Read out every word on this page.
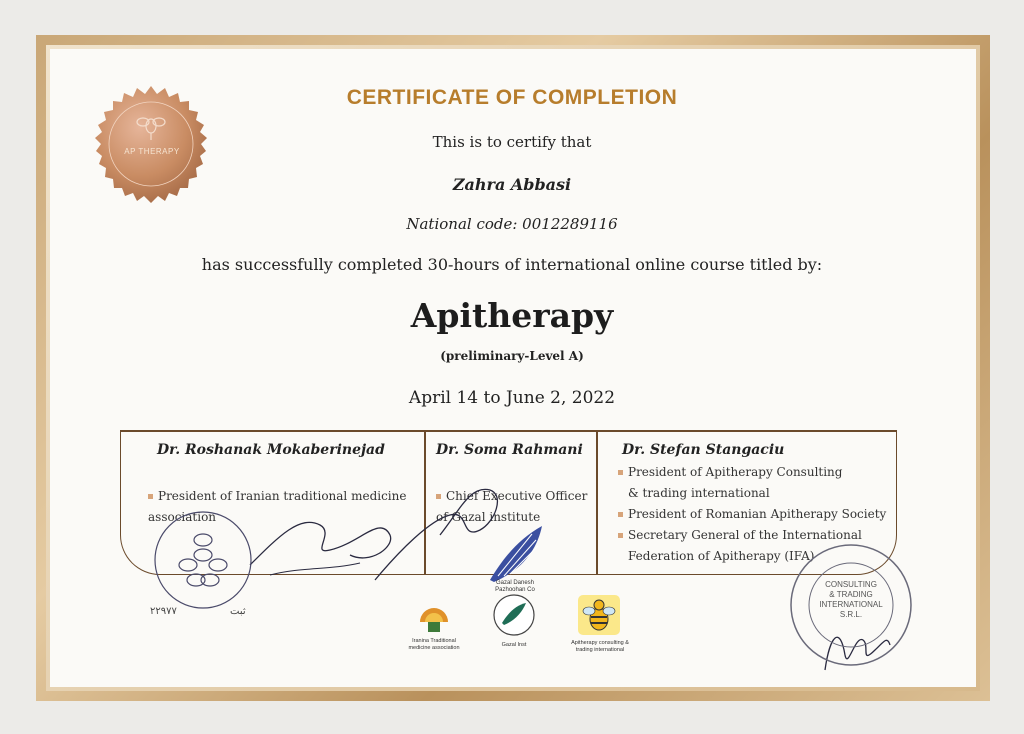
AP THERAPY
CERTIFICATE OF COMPLETION
This is to certify that
Zahra Abbasi
National code: 0012289116
has successfully completed 30-hours of international online course titled by:
Apitherapy
(preliminary-Level A)
April 14 to June 2, 2022
Dr. Roshanak Mokaberinejad
President of Iranian traditional medicine
association
Dr. Soma Rahmani
Chief Executive Officer
of Gazal institute
Dr. Stefan Stangaciu
President of Apitherapy Consulting
& trading international
President of Romanian Apitherapy Society
Secretary General of the International
Federation of Apitherapy (IFA)
۲۲۹۷۷	ثبت
Gazal Danesh
Pazhoohan Co
Iranina Traditional
medicine association	Gazal Inst	Apitherapy consulting &
trading international
CONSULTING
& TRADING
INTERNATIONAL
S.R.L.
